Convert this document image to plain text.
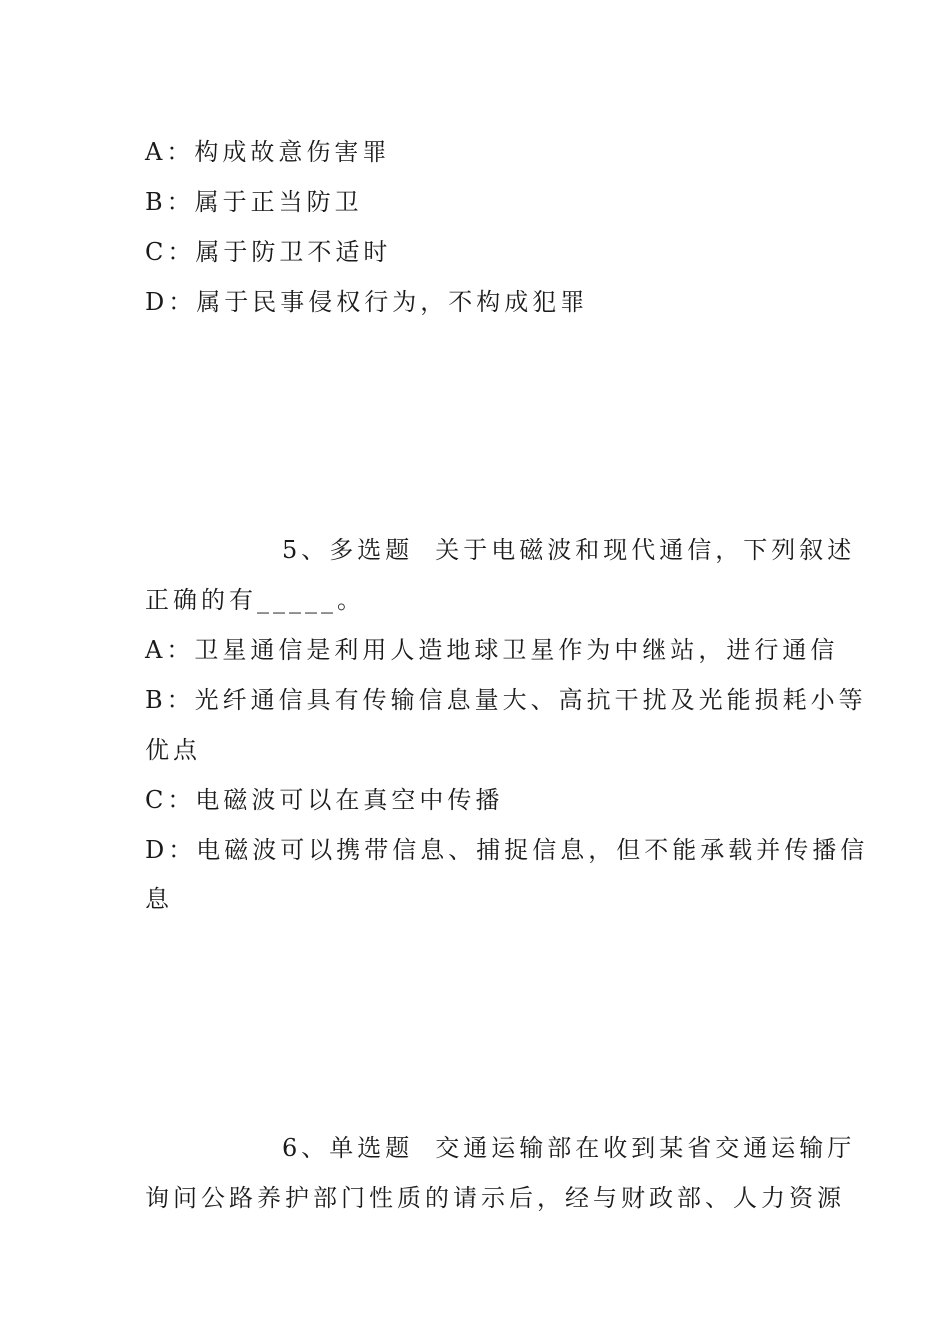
A：构成故意伤害罪
B：属于正当防卫
C：属于防卫不适时
D：属于民事侵权行为，不构成犯罪
5、多选题 关于电磁波和现代通信，下列叙述
正确的有_____。
A：卫星通信是利用人造地球卫星作为中继站，进行通信
B：光纤通信具有传输信息量大、高抗干扰及光能损耗小等
优点
C：电磁波可以在真空中传播
D：电磁波可以携带信息、捕捉信息，但不能承载并传播信
息
6、单选题 交通运输部在收到某省交通运输厅
询问公路养护部门性质的请示后，经与财政部、人力资源
